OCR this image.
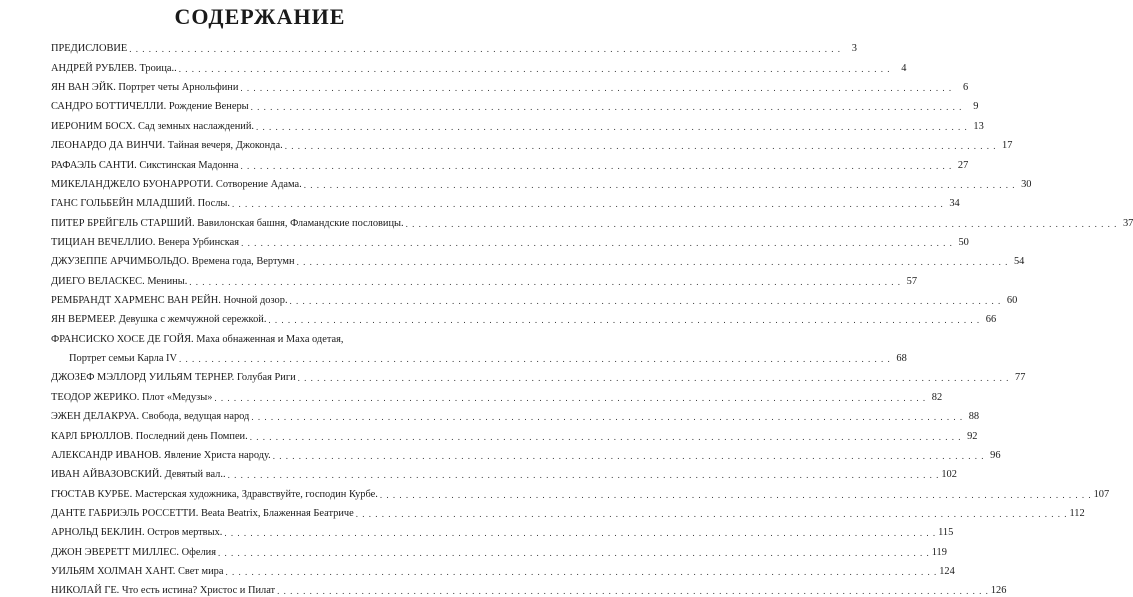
СОДЕРЖАНИЕ
ПРЕДИСЛОВИЕ . . .	3
АНДРЕЙ РУБЛЕВ. Троица.. . . .	4
ЯН ВАН ЭЙК. Портрет четы Арнольфини . . .	6
САНДРО БОТТИЧЕЛЛИ. Рождение Венеры . . .	9
ИЕРОНИМ БОСХ. Сад земных наслаждений. . . .	13
ЛЕОНАРДО ДА ВИНЧИ. Тайная вечеря, Джоконда. . . .	17
РАФАЭЛЬ САНТИ. Сикстинская Мадонна . . .	27
МИКЕЛАНДЖЕЛО БУОНАРРОТИ. Сотворение Адама. . . .	30
ГАНС ГОЛЬБЕЙН МЛАДШИЙ. Послы. . . .	34
ПИТЕР БРЕЙГЕЛЬ СТАРШИЙ. Вавилонская башня, Фламандские пословицы. . . .	37
ТИЦИАН ВЕЧЕЛЛИО. Венера Урбинская . . .	50
ДЖУЗЕППЕ АРЧИМБОЛЬДО. Времена года, Вертумн . . .	54
ДИЕГО ВЕЛАСКЕС. Менины. . . .	57
РЕМБРАНДТ ХАРМЕНС ВАН РЕЙН. Ночной дозор. . . .	60
ЯН ВЕРМЕЕР. Девушка с жемчужной сережкой. . . .	66
ФРАНСИСКО ХОСЕ ДЕ ГОЙЯ. Маха обнаженная и Маха одетая,
Портрет семьи Карла IV . . .	68
ДЖОЗЕФ МЭЛЛОРД УИЛЬЯМ ТЕРНЕР. Голубая Риги . . .	77
ТЕОДОР ЖЕРИКО. Плот «Медузы» . . .	82
ЭЖЕН ДЕЛАКРУА. Свобода, ведущая народ . . .	88
КАРЛ БРЮЛЛОВ. Последний день Помпеи. . . .	92
АЛЕКСАНДР ИВАНОВ. Явление Христа народу. . . .	96
ИВАН АЙВАЗОВСКИЙ. Девятый вал.. . . .	102
ГЮСТАВ КУРБЕ. Мастерская художника, Здравствуйте, господин Курбе. . . .	107
ДАНТЕ ГАБРИЭЛЬ РОССЕТТИ. Beata Beatrix, Блаженная Беатриче . . .	112
АРНОЛЬД БЕКЛИН. Остров мертвых. . . .	115
ДЖОН ЭВЕРЕТТ МИЛЛЕС. Офелия . . .	119
УИЛЬЯМ ХОЛМАН ХАНТ. Свет мира . . .	124
НИКОЛАЙ ГЕ. Что есть истина? Христос и Пилат . . .	126
